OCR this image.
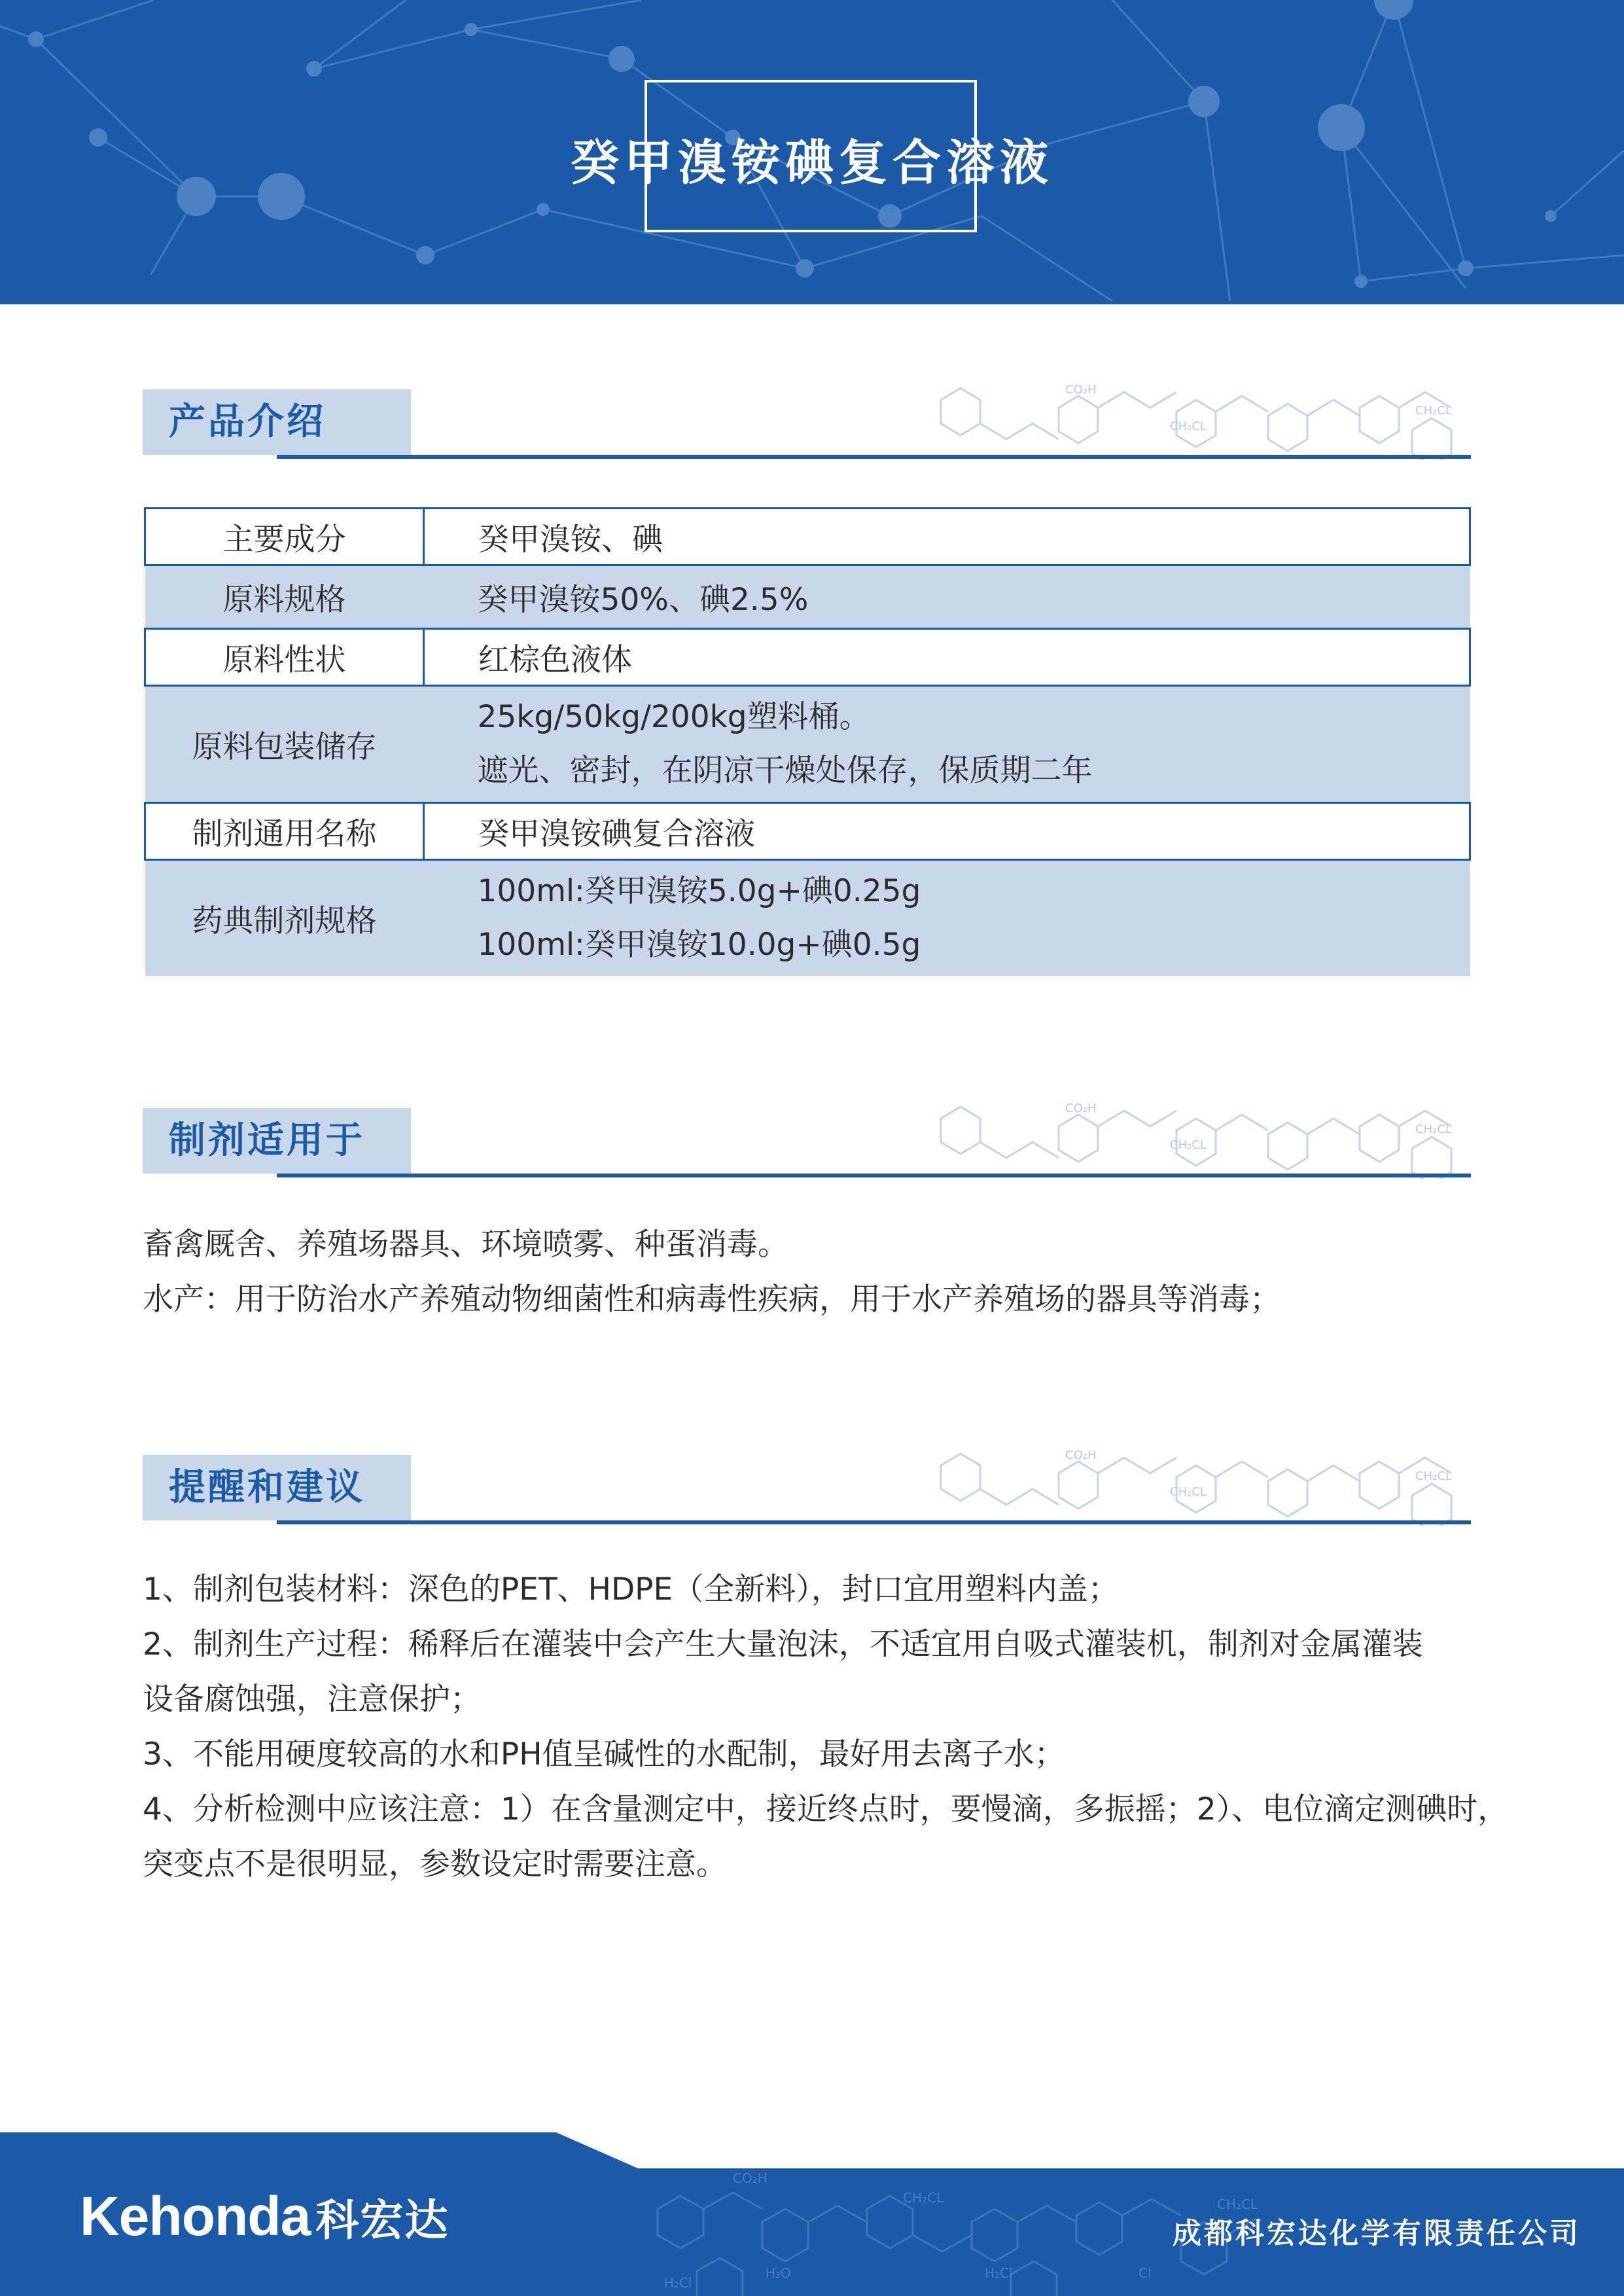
癸甲溴铵碘复合溶液
产品介绍
CO₂H
CH₂CL
CH₂CL
主要成分	癸甲溴铵、碘
原料规格	癸甲溴铵50%、碘2.5%
原料性状	红棕色液体
原料包装储存	25kg/50kg/200kg塑料桶。
遮光、密封，在阴凉干燥处保存，保质期二年

制剂通用名称	癸甲溴铵碘复合溶液
药典制剂规格	100ml:癸甲溴铵5.0g+碘0.25g
100ml:癸甲溴铵10.0g+碘0.5g
制剂适用于
CO₂H
CH₂CL
CH₂CL
畜禽厩舍、养殖场器具、环境喷雾、种蛋消毒。
水产：用于防治水产养殖动物细菌性和病毒性疾病，用于水产养殖场的器具等消毒；
提醒和建议
CO₂H
CH₂CL
CH₂CL
1、制剂包装材料：深色的PET、HDPE（全新料），封口宜用塑料内盖；
2、制剂生产过程：稀释后在灌装中会产生大量泡沫，不适宜用自吸式灌装机，制剂对金属灌装
设备腐蚀强，注意保护；
3、不能用硬度较高的水和PH值呈碱性的水配制，最好用去离子水；
4、分析检测中应该注意：1）在含量测定中，接近终点时，要慢滴，多振摇；2）、电位滴定测碘时，
突变点不是很明显，参数设定时需要注意。
CO₂H
CH₂CL
H₂O
H₂Cl
CH₂CL
H₂Cl	Cl
Kehonda 科宏达	成都科宏达化学有限责任公司
